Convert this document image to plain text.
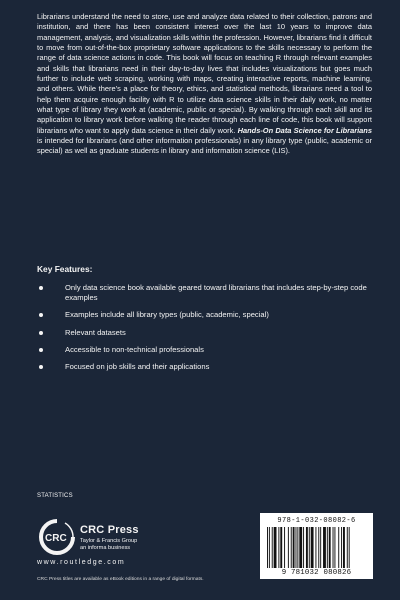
Librarians understand the need to store, use and analyze data related to their collection, patrons and institution, and there has been consistent interest over the last 10 years to improve data management, analysis, and visualization skills within the profession. However, librarians find it difficult to move from out-of-the-box proprietary software applications to the skills necessary to perform the range of data science actions in code. This book will focus on teaching R through relevant examples and skills that librarians need in their day-to-day lives that includes visualizations but goes much further to include web scraping, working with maps, creating interactive reports, machine learning, and others. While there’s a place for theory, ethics, and statistical methods, librarians need a tool to help them acquire enough facility with R to utilize data science skills in their daily work, no matter what type of library they work at (academic, public or special). By walking through each skill and its application to library work before walking the reader through each line of code, this book will support librarians who want to apply data science in their daily work. Hands-On Data Science for Librarians is intended for librarians (and other information professionals) in any library type (public, academic or special) as well as graduate students in library and information science (LIS).

Key Features:

Only data science book available geared toward librarians that includes step-by-step code examples
Examples include all library types (public, academic, special)
Relevant datasets
Accessible to non-technical professionals
Focused on job skills and their applications
STATISTICS
CRC
CRC Press
Taylor & Francis Group
an informa business
www.routledge.com
CRC Press titles are available as eBook editions in a range of digital formats.
978-1-032-08082-6
9 781032 080826
